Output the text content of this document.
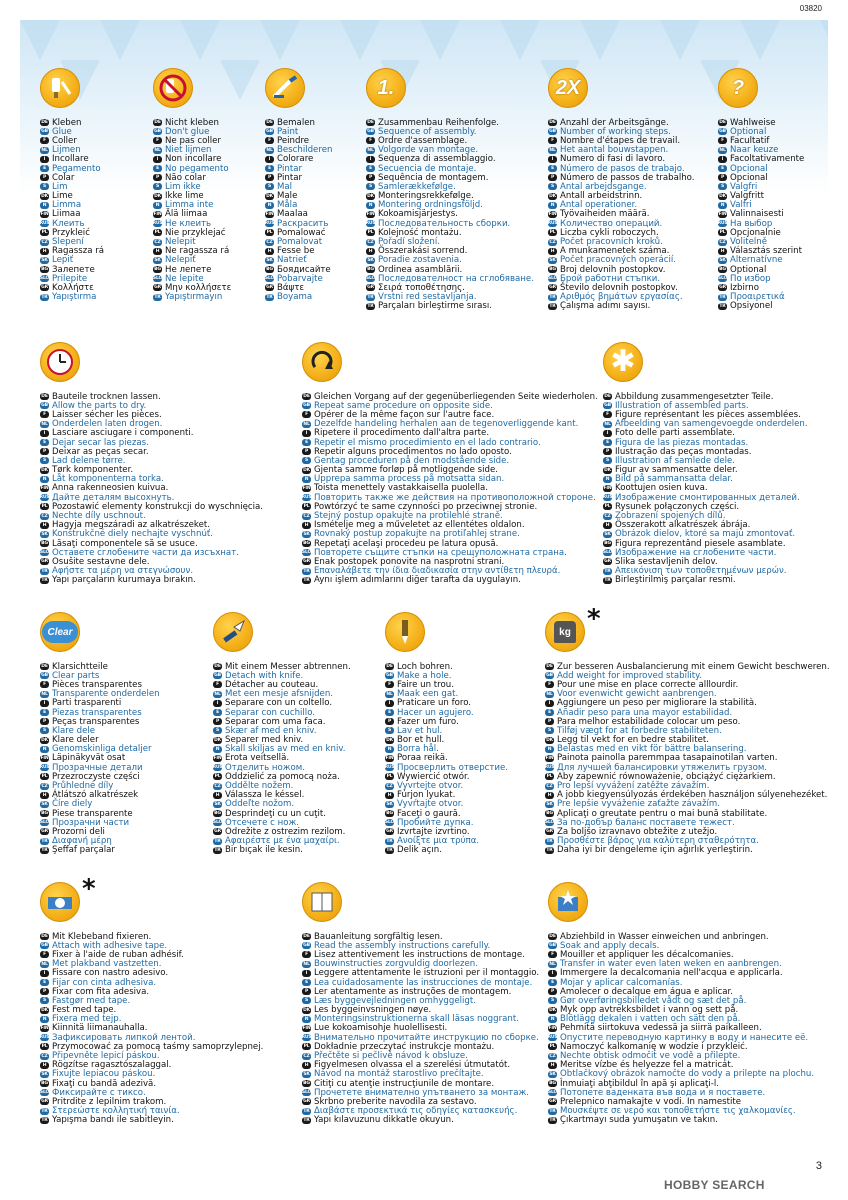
03820
DE Kleben
GB Glue
F Coller
NL Lijmen
I Incollare
E Pegamento
P Colar
S Lim
DK Lime
N Limma
FIN Liimaa
RUS Клеить
PL Przykleić
CZ Slepení
H Ragassza rá
SK Lepiť
BG Залепете
SLO Prilepite
GR Κολλήστε
TR Yapıştırma
DE Nicht kleben
GB Don't glue
F Ne pas coller
NL Niet lijmen
I Non incollare
E No pegamento
P Não colar
S Lim ikke
DK Ikke lime
N Limma inte
FIN Älä liimaa
RUS Не клеить
PL Nie przyklejać
CZ Nelepit
H Ne ragassza rá
SK Nelepiť
BG Не лепете
SLO Ne lepite
GR Μην κολλήσετε
TR Yapıştırmayın
DE Bemalen
GB Paint
F Peindre
NL Beschilderen
I Colorare
E Pintar
P Pintar
S Mal
DK Male
N Måla
FIN Maalaa
RUS Раскрасить
PL Pomalować
CZ Pomalovat
H Fesse be
SK Natrieť
BG Боядисайте
SLO Pobarvajte
GR Βάψτε
TR Boyama
1.
DE Zusammenbau Reihenfolge.
GB Sequence of assembly.
F Ordre d'assemblage.
NL Volgorde van montage.
I Sequenza di assemblaggio.
E Secuencia de montaje.
P Sequência de montagem.
S Samlerækkefølge.
DK Monteringsrekkefølge.
N Montering ordningsföljd.
FIN Kokoamisjärjestys.
RUS Последовательность сборки.
PL Kolejność montażu.
CZ Pořadí složení.
H Összerakási sorrend.
SK Poradie zostavenia.
BG Ordinea asamblării.
SLO Последователност на сглобяване.
GR Σειρά τοποθέτησης.
TR Vrstni red sestavljanja.
TR Parçaları birleştirme sırası.
2X
DE Anzahl der Arbeitsgänge.
GB Number of working steps.
F Nombre d'étapes de travail.
NL Het aantal bouwstappen.
I Numero di fasi di lavoro.
E Número de pasos de trabajo.
P Número de passos de trabalho.
S Antal arbejdsgange.
DK Antall arbeidstrinn.
N Antal operationer.
FIN Työvaiheiden määrä.
RUS Количество операций.
PL Liczba cykli roboczych.
CZ Počet pracovních kroků.
H A munkamenetek száma.
SK Počet pracovných operácií.
BG Broj delovnih postopkov.
SLO Брой работни стъпки.
GR Število delovnih postopkov.
TR Αριθμός βημάτων εργασίας.
TR Çalışma adımı sayısı.
?
DE Wahlweise
GB Optional
F Facultatif
NL Naar keuze
I Facoltativamente
E Opcional
P Opcional
S Valgfri
DK Valgfritt
N Valfri
FIN Valinnaisesti
RUS На выбор
PL Opcjonalnie
CZ Volitelně
H Választás szerint
SK Alternatívne
BG Optional
SLO По избор
GR Izbirno
TR Προαιρετικά
TR Opsiyonel
DE Bauteile trocknen lassen.
GB Allow the parts to dry.
F Laisser sécher les pièces.
NL Onderdelen laten drogen.
I Lasciare asciugare i componenti.
E Dejar secar las piezas.
P Deixar as peças secar.
S Lad delene tørre.
DK Tørk komponenter.
N Låt komponenterna torka.
FIN Anna rakenneosien kuivua.
RUS Дайте деталям высохнуть.
PL Pozostawić elementy konstrukcji do wyschnięcia.
CZ Nechte díly uschnout.
H Hagyja megszáradi az alkatrészeket.
SK Konštrukčné diely nechajte vyschnúť.
BG Lăsaţi componentele să se usuce.
SLO Оставете сглобените части да изсъхнат.
GR Osušite sestavne dele.
TR Αφήστε τα μέρη να στεγνώσουν.
TR Yapı parçaların kurumaya bırakın.
DE Gleichen Vorgang auf der gegenüberliegenden Seite wiederholen.
GB Repeat same procedure on opposite side.
F Opérer de la même façon sur l'autre face.
NL Dezelfde handeling herhalen aan de tegenoverliggende kant.
I Ripetere il procedimento dall'altra parte.
E Repetir el mismo procedimiento en el lado contrario.
P Repetir alguns procedimentos no lado oposto.
S Gentag proceduren på den modstående side.
DK Gjenta samme forløp på motliggende side.
N Upprepa samma process på motsatta sidan.
FIN Toista menettely vastakkaisella puolella.
RUS Повторить также же действия на противоположной стороне.
PL Powtórzyć te same czynności po przeciwnej stronie.
CZ Stejný postup opakujte na protilehlé straně.
H Ismételje meg a műveletet az ellentétes oldalon.
SK Rovnaký postup zopakujte na protiľahlej strane.
BG Repetaţi acelaşi procedeu pe latura opusă.
SLO Повторете същите стъпки на срещуположната страна.
GR Enak postopek ponovite na nasprotni strani.
TR Επαναλάβετε την ίδια διαδικασία στην αντίθετη πλευρά.
TR Aynı işlem adımlarını diğer tarafta da uygulayın.
✱
DE Abbildung zusammengesetzter Teile.
GB Illustration of assembled parts.
F Figure représentant les pièces assemblées.
NL Afbeelding van samengevoegde onderdelen.
I Foto delle parti assemblate.
E Figura de las piezas montadas.
P Ilustração das peças montadas.
S Illustration af samlede dele.
DK Figur av sammensatte deler.
N Bild på sammansatta delar.
FIN Koottujen osien kuva.
RUS Изображение смонтированных деталей.
PL Rysunek połączonych części.
CZ Zobrazení spojených dílů.
H Összerakott alkatrészek ábrája.
SK Obrázok dielov, ktoré sa majú zmontovať.
BG Figura reprezentând piesele asamblate.
SLO Изображение на сглобените части.
GR Slika sestavljenih delov.
TR Απεικόνιση των τοποθετημένων μερών.
TR Birleştirilmiş parçalar resmi.
Clear
DE Klarsichtteile
GB Clear parts
F Pièces transparentes
NL Transparente onderdelen
I Parti trasparenti
E Piezas transparentes
P Peças transparentes
S Klare dele
DK Klare deler
N Genomskinliga detaljer
FIN Läpinäkyvät osat
RUS Прозрачные детали
PL Przezroczyste części
CZ Průhledné díly
H Átlátszó alkatrészek
SK Číre diely
BG Piese transparente
SLO Прозрачни части
GR Prozorni deli
TR Διαφανή μέρη
TR Şeffaf parçalar
DE Mit einem Messer abtrennen.
GB Detach with knife.
F Détacher au couteau.
NL Met een mesje afsnijden.
I Separare con un coltello.
E Separar con cuchillo.
P Separar com uma faca.
S Skær af med en kniv.
DK Separer med kniv.
N Skall skiljas av med en kniv.
FIN Erota veitsellä.
RUS Отделить ножом.
PL Oddzielić za pomocą noża.
CZ Oddělte nožem.
H Válassza le késsel.
SK Oddeľte nožom.
BG Desprindeţi cu un cuţit.
SLO Отсечете с нож.
GR Odrežite z ostrezim rezilom.
TR Αφαιρέστε με ένα μαχαίρι.
TR Bir bıçak ile kesin.
DE Loch bohren.
GB Make a hole.
F Faire un trou.
NL Maak een gat.
I Praticare un foro.
E Hacer un agujero.
P Fazer um furo.
S Lav et hul.
DK Bor et hull.
N Borra hål.
FIN Poraa reikä.
RUS Просверлить отверстие.
PL Wywiercić otwór.
CZ Vyvrtejte otvor.
H Fúrjon lyukat.
SK Vyvŕtajte otvor.
BG Faceţi o gaură.
SLO Пробийте дупка.
GR Izvrtajte izvrtino.
TR Ανοίξτε μια τρύπα.
TR Delik açın.
kg *
DE Zur besseren Ausbalancierung mit einem Gewicht beschweren.
GB Add weight for improved stability.
F Pour une mise en place correcte alllourdir.
NL Voor evenwicht gewicht aanbrengen.
I Aggiungere un peso per migliorare la stabilità.
E Añadir peso para una mayor estabilidad.
P Para melhor estabilidade colocar um peso.
S Tilføj vægt for at forbedre stabiliteten.
DK Legg til vekt for en bedre stabilitet.
N Belastas med en vikt för bättre balansering.
FIN Painota painolla paremmpaa tasapainotilan varten.
RUS Для лучшей балансировки утяжелить грузом.
PL Aby zapewnić równoważenie, obciążyć ciężarkiem.
CZ Pro lepší vyvážení zatěžte závažím.
H A jobb kiegyensúlyozás érdekében használjon súlyenehezéket.
SK Pre lepšie vyváženie zaťažte závažím.
BG Aplicaţi o greutate pentru o mai bună stabilitate.
SLO За по-добър баланс поставете тежест.
GR Za boljšo izravnavo obtežite z utežjo.
TR Προσθέστε βάρος για καλύτερη σταθερότητα.
TR Daha iyi bir dengeleme için ağırlık yerleştirin.
*
DE Mit Klebeband fixieren.
GB Attach with adhesive tape.
F Fixer à l'aide de ruban adhésif.
NL Met plakband vastzetten.
I Fissare con nastro adesivo.
E Fijar con cinta adhesiva.
P Fixar com fita adesiva.
S Fastgør med tape.
DK Fest med tape.
N Fixera med tejp.
FIN Kiinnitä liimanauhalla.
RUS Зафиксировать липкой лентой.
PL Przymocować za pomocą taśmy samoprzylepnej.
CZ Připevněte lepicí páskou.
H Rögzítse ragasztószalaggal.
SK Fixujte lepiacou páskou.
BG Fixaţi cu bandă adezivă.
SLO Фиксирайте с тиксо.
GR Pritrdite z lepilnim trakom.
TR Στερεώστε κολλητική ταινία.
TR Yapışma bandı ile sabitleyin.
DE Bauanleitung sorgfältig lesen.
GB Read the assembly instructions carefully.
F Lisez attentivement les instructions de montage.
NL Bouwinstructies zorgvuldig doorlezen.
I Leggere attentamente le istruzioni per il montaggio.
E Lea cuidadosamente las instrucciones de montaje.
P Ler atentamente as instruções de montagem.
S Læs byggevejledningen omhyggeligt.
DK Les byggeinvsningen nøye.
N Monteringsinstruktionerna skall läsas noggrant.
FIN Lue kokoamisohje huolellisesti.
RUS Внимательно прочитайте инструкцию по сборке.
PL Dokładnie przeczytać instrukcje montażu.
CZ Přečtěte si pečlivě návod k obsluze.
H Figyelmesen olvassa el a szerelési útmutatót.
SK Návod na montáž starostlivo prečítajte.
BG Citiţi cu atenţie instrucţiunile de montare.
SLO Прочетете внимателно упътването за монтаж.
GR Skrbno preberite navodila za sestavo.
TR Διαβάστε προσεκτικά τις οδηγίες κατασκευής.
TR Yapı kılavuzunu dikkatle okuyun.
DE Abziehbild in Wasser einweichen und anbringen.
GB Soak and apply decals.
F Mouiller et appliquer les décalcomanies.
NL Transfer in water even laten weken en aanbrengen.
I Immergere la decalcomania nell'acqua e applicarla.
E Mojar y aplicar calcomanías.
P Amolecer o decalque em água e aplicar.
S Gør overføringsbilledet vådt og sæt det på.
DK Myk opp avtrekksbildet i vann og sett på.
N Blötlägg dekalen i vatten och sätt den på.
FIN Pehmitä siirtokuva vedessä ja siirrä paikalleen.
RUS Опустите переводную картинку в воду и нанесите её.
PL Namoczyć kalkomanię w wodzie i przykleić.
CZ Nechte obtisk odmočit ve vodě a přilepte.
H Meritse vízbe és helyezze fel a matricát.
SK Obtlačkový obrázok namočte do vody a prilepte na plochu.
BG Înmuiaţi abţibildul în apă şi aplicaţi-l.
SLO Потопете ваденката във вода и я поставете.
GR Prelepnico namakajte v vodi. In namestite
TR Μουσκέψτε σε νερό και τοποθετήστε τις χαλκομανίες.
TR Çıkartmayı suda yumuşatın ve takın.
3
HOBBY SEARCH
